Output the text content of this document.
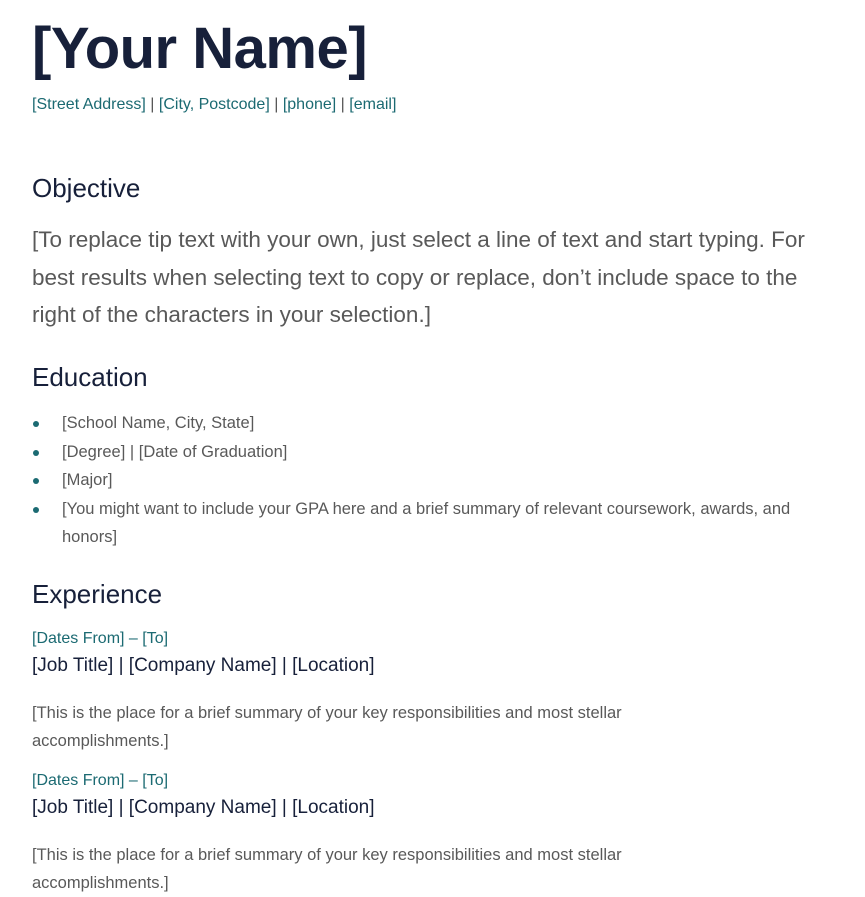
[Your Name]
[Street Address] | [City, Postcode] | [phone] | [email]
Objective
[To replace tip text with your own, just select a line of text and start typing. For best results when selecting text to copy or replace, don’t include space to the right of the characters in your selection.]
Education
[School Name, City, State]
[Degree] | [Date of Graduation]
[Major]
[You might want to include your GPA here and a brief summary of relevant coursework, awards, and honors]
Experience
[Dates From] – [To]
[Job Title] | [Company Name] | [Location]
[This is the place for a brief summary of your key responsibilities and most stellar accomplishments.]
[Dates From] – [To]
[Job Title] | [Company Name] | [Location]
[This is the place for a brief summary of your key responsibilities and most stellar accomplishments.]
